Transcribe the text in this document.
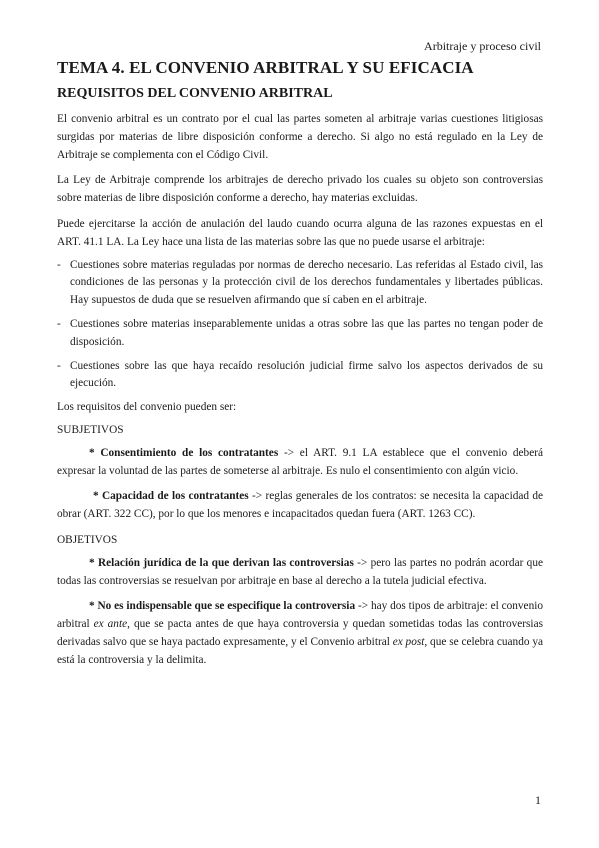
Arbitraje y proceso civil
TEMA 4. EL CONVENIO ARBITRAL Y SU EFICACIA
REQUISITOS DEL CONVENIO ARBITRAL

El convenio arbitral es un contrato por el cual las partes someten al arbitraje varias cuestiones litigiosas surgidas por materias de libre disposición conforme a derecho. Si algo no está regulado en la Ley de Arbitraje se complementa con el Código Civil.

La Ley de Arbitraje comprende los arbitrajes de derecho privado los cuales su objeto son controversias sobre materias de libre disposición conforme a derecho, hay materias excluidas.

Puede ejercitarse la acción de anulación del laudo cuando ocurra alguna de las razones expuestas en el ART. 41.1 LA. La Ley hace una lista de las materias sobre las que no puede usarse el arbitraje:

- Cuestiones sobre materias reguladas por normas de derecho necesario. Las referidas al Estado civil, las condiciones de las personas y la protección civil de los derechos fundamentales y libertades públicas. Hay supuestos de duda que se resuelven afirmando que sí caben en el arbitraje.
- Cuestiones sobre materias inseparablemente unidas a otras sobre las que las partes no tengan poder de disposición.
- Cuestiones sobre las que haya recaído resolución judicial firme salvo los aspectos derivados de su ejecución.

Los requisitos del convenio pueden ser:

SUBJETIVOS

* Consentimiento de los contratantes -> el ART. 9.1 LA establece que el convenio deberá expresar la voluntad de las partes de someterse al arbitraje. Es nulo el consentimiento con algún vicio.

* Capacidad de los contratantes -> reglas generales de los contratos: se necesita la capacidad de obrar (ART. 322 CC), por lo que los menores e incapacitados quedan fuera (ART. 1263 CC).

OBJETIVOS

* Relación jurídica de la que derivan las controversias -> pero las partes no podrán acordar que todas las controversias se resuelvan por arbitraje en base al derecho a la tutela judicial efectiva.

* No es indispensable que se especifique la controversia -> hay dos tipos de arbitraje: el convenio arbitral ex ante, que se pacta antes de que haya controversia y quedan sometidas todas las controversias derivadas salvo que se haya pactado expresamente, y el Convenio arbitral ex post, que se celebra cuando ya está la controversia y la delimita.

1
